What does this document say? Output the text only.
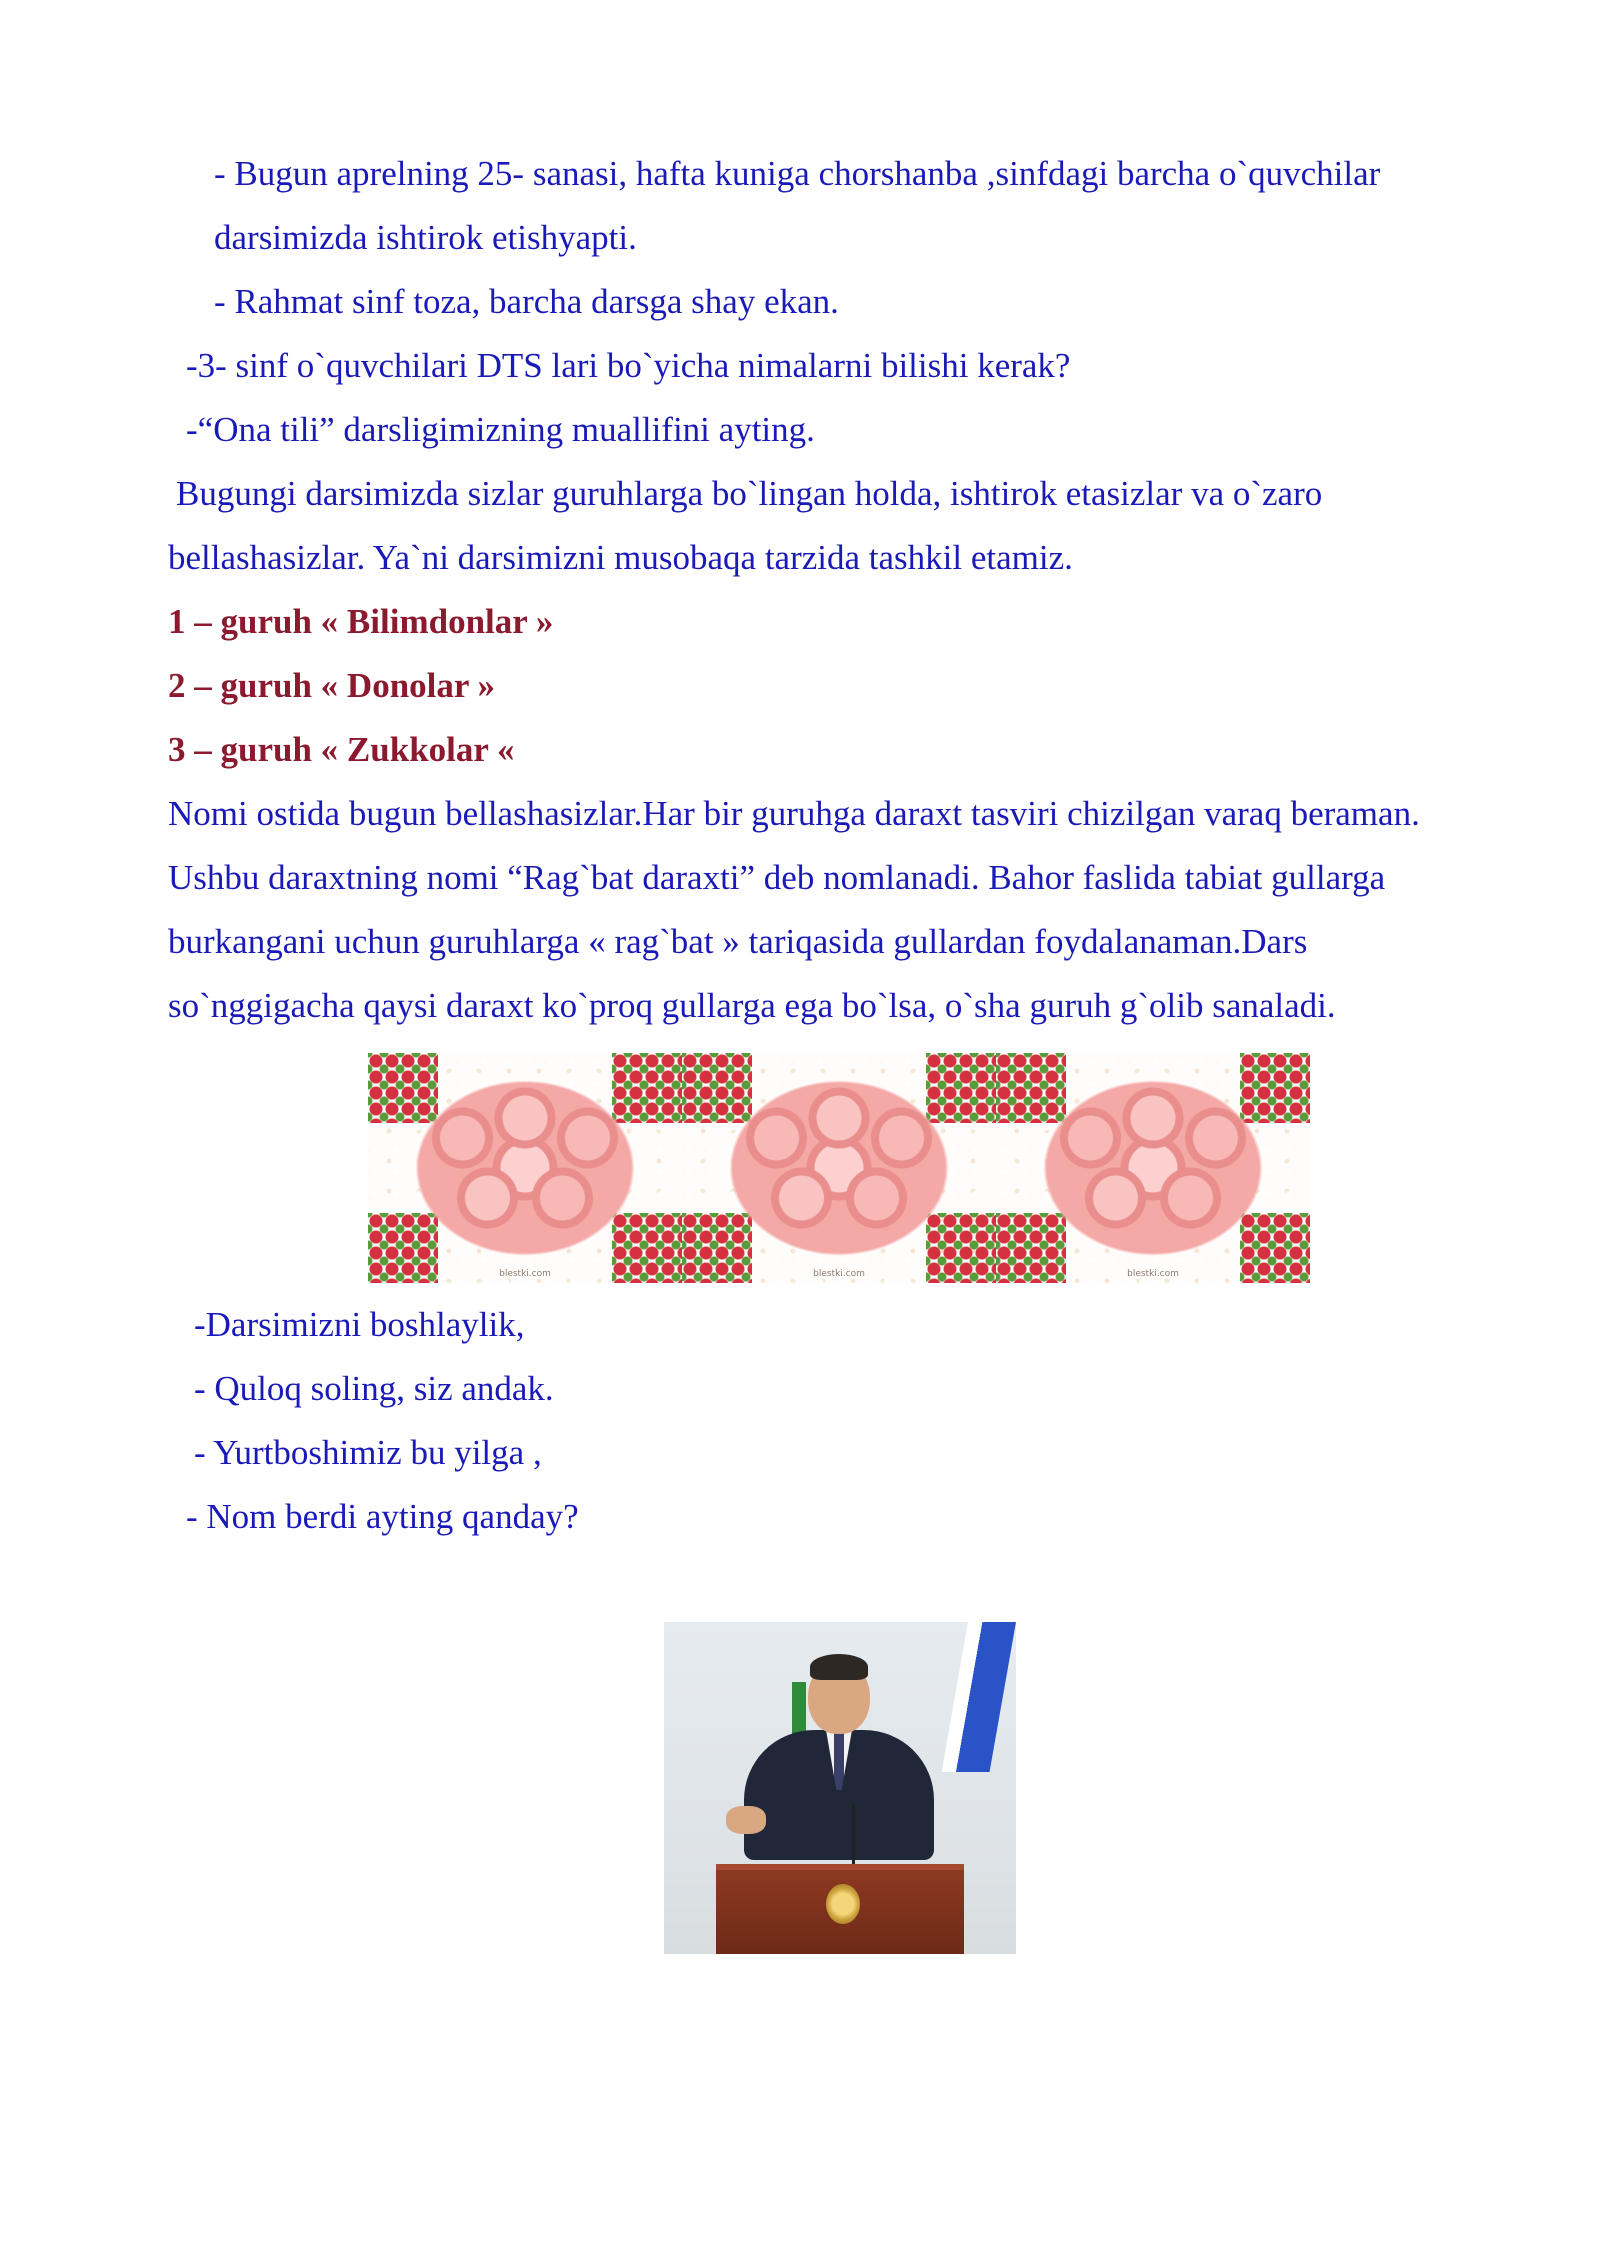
- Bugun aprelning 25- sanasi, hafta kuniga chorshanba ,sinfdagi barcha o`quvchilar
darsimizda ishtirok etishyapti.
- Rahmat sinf toza, barcha darsga shay ekan.
-3- sinf o`quvchilari DTS lari bo`yicha nimalarni bilishi kerak?
-“Ona tili” darsligimizning muallifini ayting.
Bugungi darsimizda sizlar guruhlarga bo`lingan holda, ishtirok etasizlar va o`zaro
bellashasizlar. Ya`ni darsimizni musobaqa tarzida tashkil etamiz.
1 – guruh « Bilimdonlar »
2 – guruh « Donolar »
3 – guruh « Zukkolar «
Nomi ostida bugun bellashasizlar.Har bir guruhga daraxt tasviri chizilgan varaq beraman.
Ushbu daraxtning nomi “Rag`bat daraxti” deb nomlanadi. Bahor faslida tabiat gullarga
burkangani uchun guruhlarga « rag`bat » tariqasida gullardan foydalanaman.Dars
so`nggigacha qaysi daraxt ko`proq gullarga ega bo`lsa, o`sha guruh g`olib sanaladi.
blestki.com	blestki.com	blestki.com
-Darsimizni boshlaylik,
- Quloq soling, siz andak.
- Yurtboshimiz bu yilga ,
- Nom berdi ayting qanday?
